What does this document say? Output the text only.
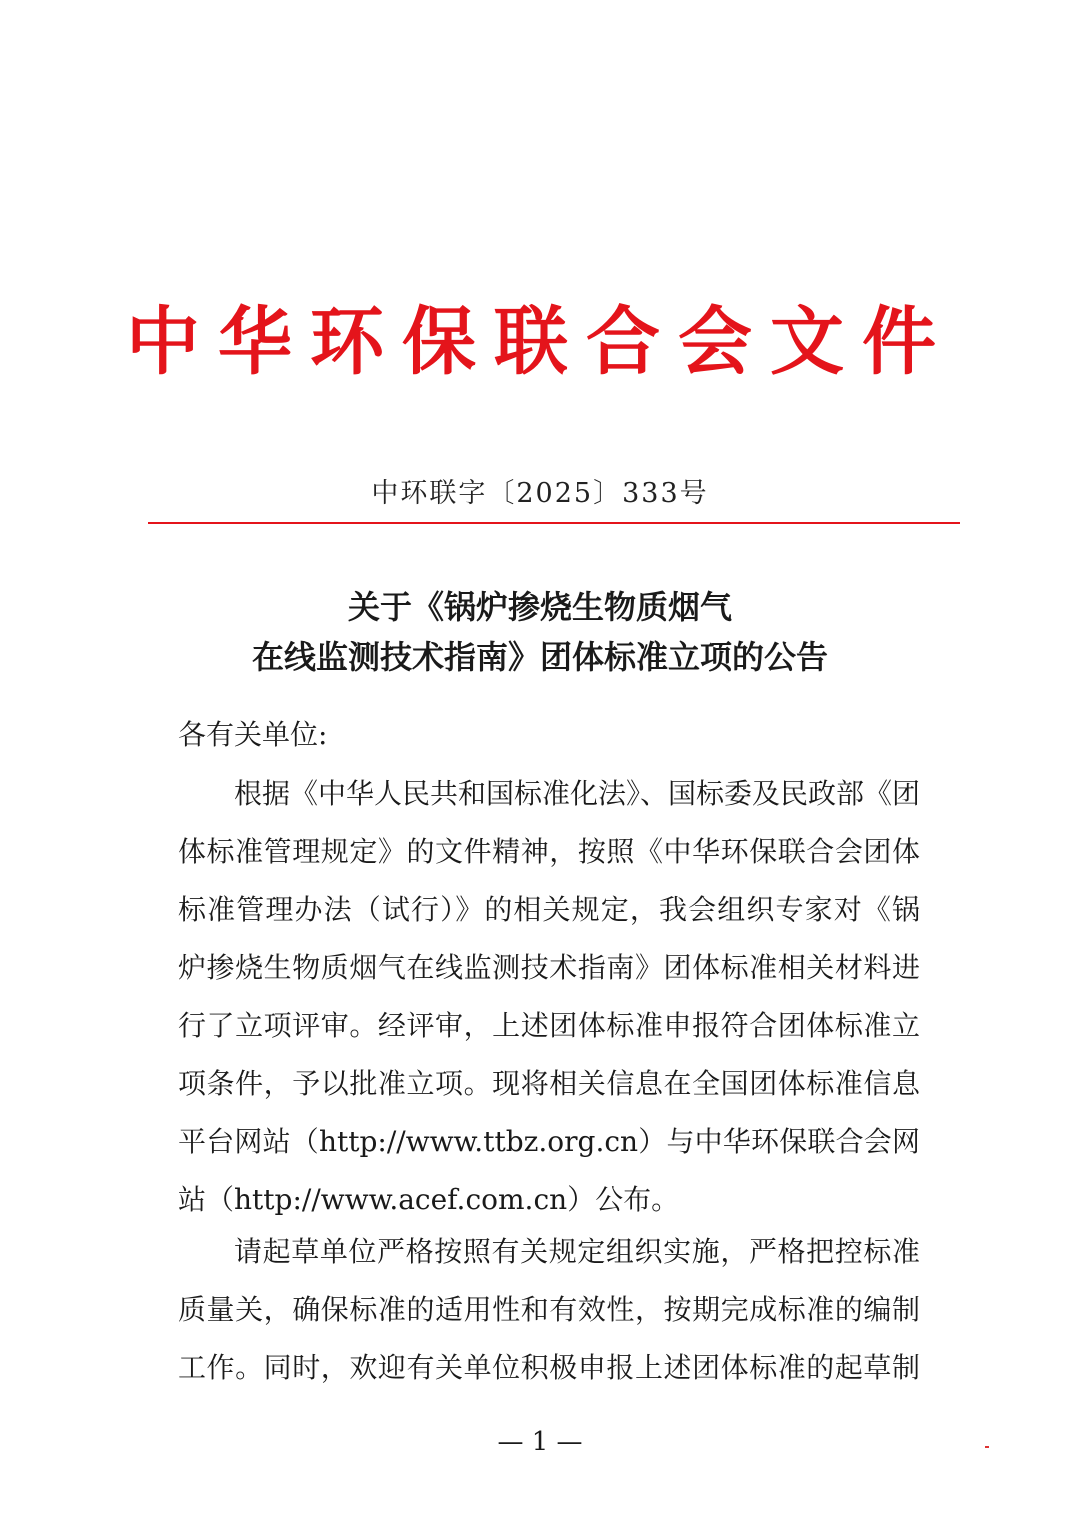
中华环保联合会文件
中环联字〔2025〕333号
关于《锅炉掺烧生物质烟气
在线监测技术指南》团体标准立项的公告
各有关单位:
根据《中华人民共和国标准化法》、国标委及民政部《团
体标准管理规定》的文件精神，按照《中华环保联合会团体
标准管理办法（试行）》的相关规定，我会组织专家对《锅
炉掺烧生物质烟气在线监测技术指南》团体标准相关材料进
行了立项评审。经评审，上述团体标准申报符合团体标准立
项条件，予以批准立项。现将相关信息在全国团体标准信息
平台网站（http://www.ttbz.org.cn）与中华环保联合会网
站（http://www.acef.com.cn）公布。
请起草单位严格按照有关规定组织实施，严格把控标准
质量关，确保标准的适用性和有效性，按期完成标准的编制
工作。同时，欢迎有关单位积极申报上述团体标准的起草制
— 1 —
